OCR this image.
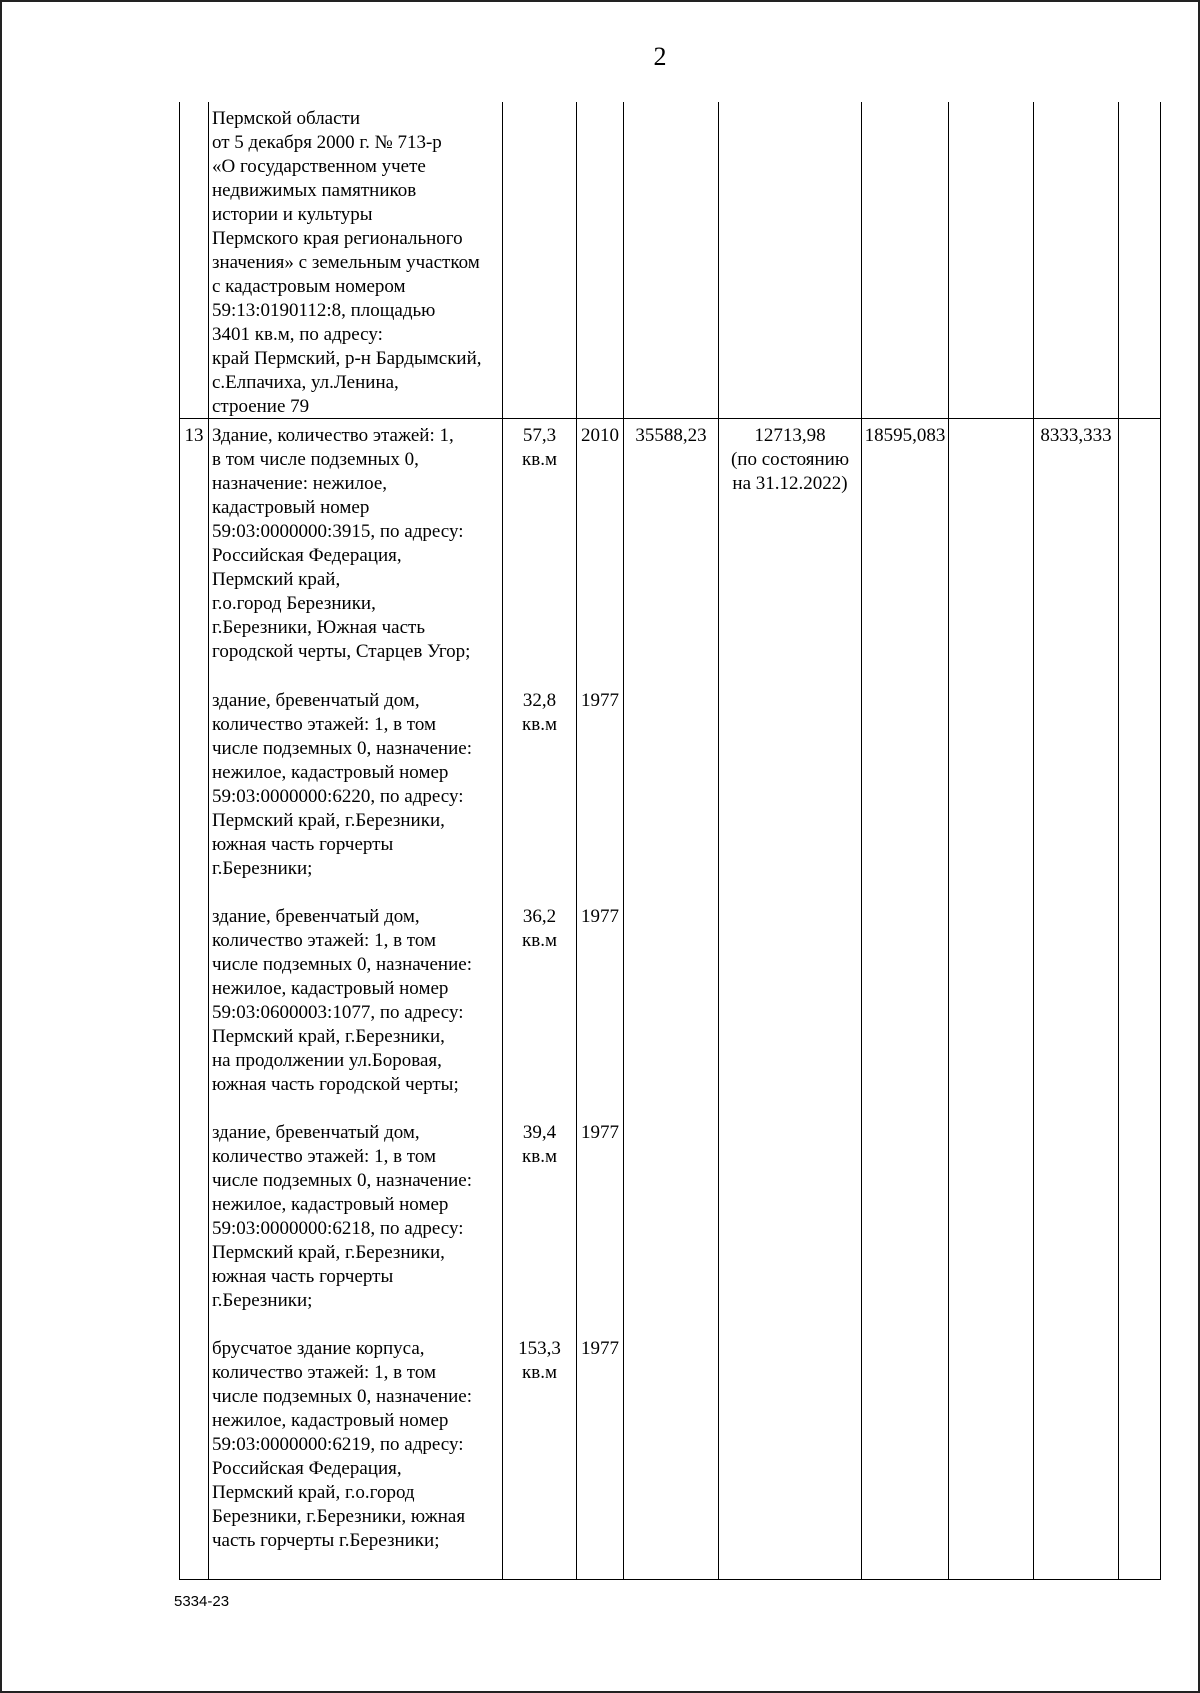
2
Пермской области
от 5 декабря 2000 г. № 713-р
«О государственном учете
недвижимых памятников
истории и культуры
Пермского края регионального
значения» с земельным участком
с кадастровым номером
59:13:0190112:8, площадью
3401 кв.м, по адресу:
край Пермский, р-н Бардымский,
с.Елпачиха, ул.Ленина,
строение 79
13 Здание, количество этажей: 1,
в том числе подземных 0,
назначение: нежилое,
кадастровый номер
59:03:0000000:3915, по адресу:
Российская Федерация,
Пермский край,
г.о.город Березники,
г.Березники, Южная часть
городской черты, Старцев Угор;
57,3
кв.м
2010 35588,23	12713,98
(по состоянию
на 31.12.2022)
18595,083	8333,333
здание, бревенчатый дом,
количество этажей: 1, в том
числе подземных 0, назначение:
нежилое, кадастровый номер
59:03:0000000:6220, по адресу:
Пермский край, г.Березники,
южная часть горчерты
г.Березники;
32,8
кв.м
1977
здание, бревенчатый дом,
количество этажей: 1, в том
числе подземных 0, назначение:
нежилое, кадастровый номер
59:03:0600003:1077, по адресу:
Пермский край, г.Березники,
на продолжении ул.Боровая,
южная часть городской черты;
36,2
кв.м
1977
здание, бревенчатый дом,
количество этажей: 1, в том
числе подземных 0, назначение:
нежилое, кадастровый номер
59:03:0000000:6218, по адресу:
Пермский край, г.Березники,
южная часть горчерты
г.Березники;
39,4
кв.м
1977
брусчатое здание корпуса,
количество этажей: 1, в том
числе подземных 0, назначение:
нежилое, кадастровый номер
59:03:0000000:6219, по адресу:
Российская Федерация,
Пермский край, г.о.город
Березники, г.Березники, южная
часть горчерты г.Березники;
153,3
кв.м
1977
5334-23
